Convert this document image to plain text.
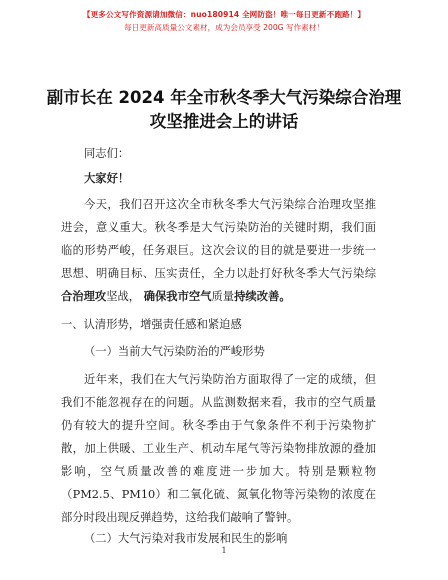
【更多公文写作资源请加微信：nuo180914 全网防盗！唯一每日更新不跑路！】
每日更新高质量公文素材，成为会员享受 200G 写作素材！
副市长在 2024 年全市秋冬季大气污染综合治理
攻坚推进会上的讲话
同志们：
大家好！
今天，我们召开这次全市秋冬季大气污染综合治理攻坚推
进会，意义重大。秋冬季是大气污染防治的关键时期，我们面
临的形势严峻，任务艰巨。这次会议的目的就是要进一步统一
思想、明确目标、压实责任，全力以赴打好秋冬季大气污染综
合治理攻坚战， 确保我市空气质量持续改善。
一、认清形势，增强责任感和紧迫感
（一）当前大气污染防治的严峻形势
近年来，我们在大气污染防治方面取得了一定的成绩，但
我们不能忽视存在的问题。从监测数据来看，我市的空气质量
仍有较大的提升空间。秋冬季由于气象条件不利于污染物扩
散，加上供暖、工业生产、机动车尾气等污染物排放源的叠加
影响，空气质量改善的难度进一步加大。特别是颗粒物
（PM2.5、PM10）和二氧化硫、氮氧化物等污染物的浓度在
部分时段出现反弹趋势，这给我们敲响了警钟。
（二）大气污染对我市发展和民生的影响
1
